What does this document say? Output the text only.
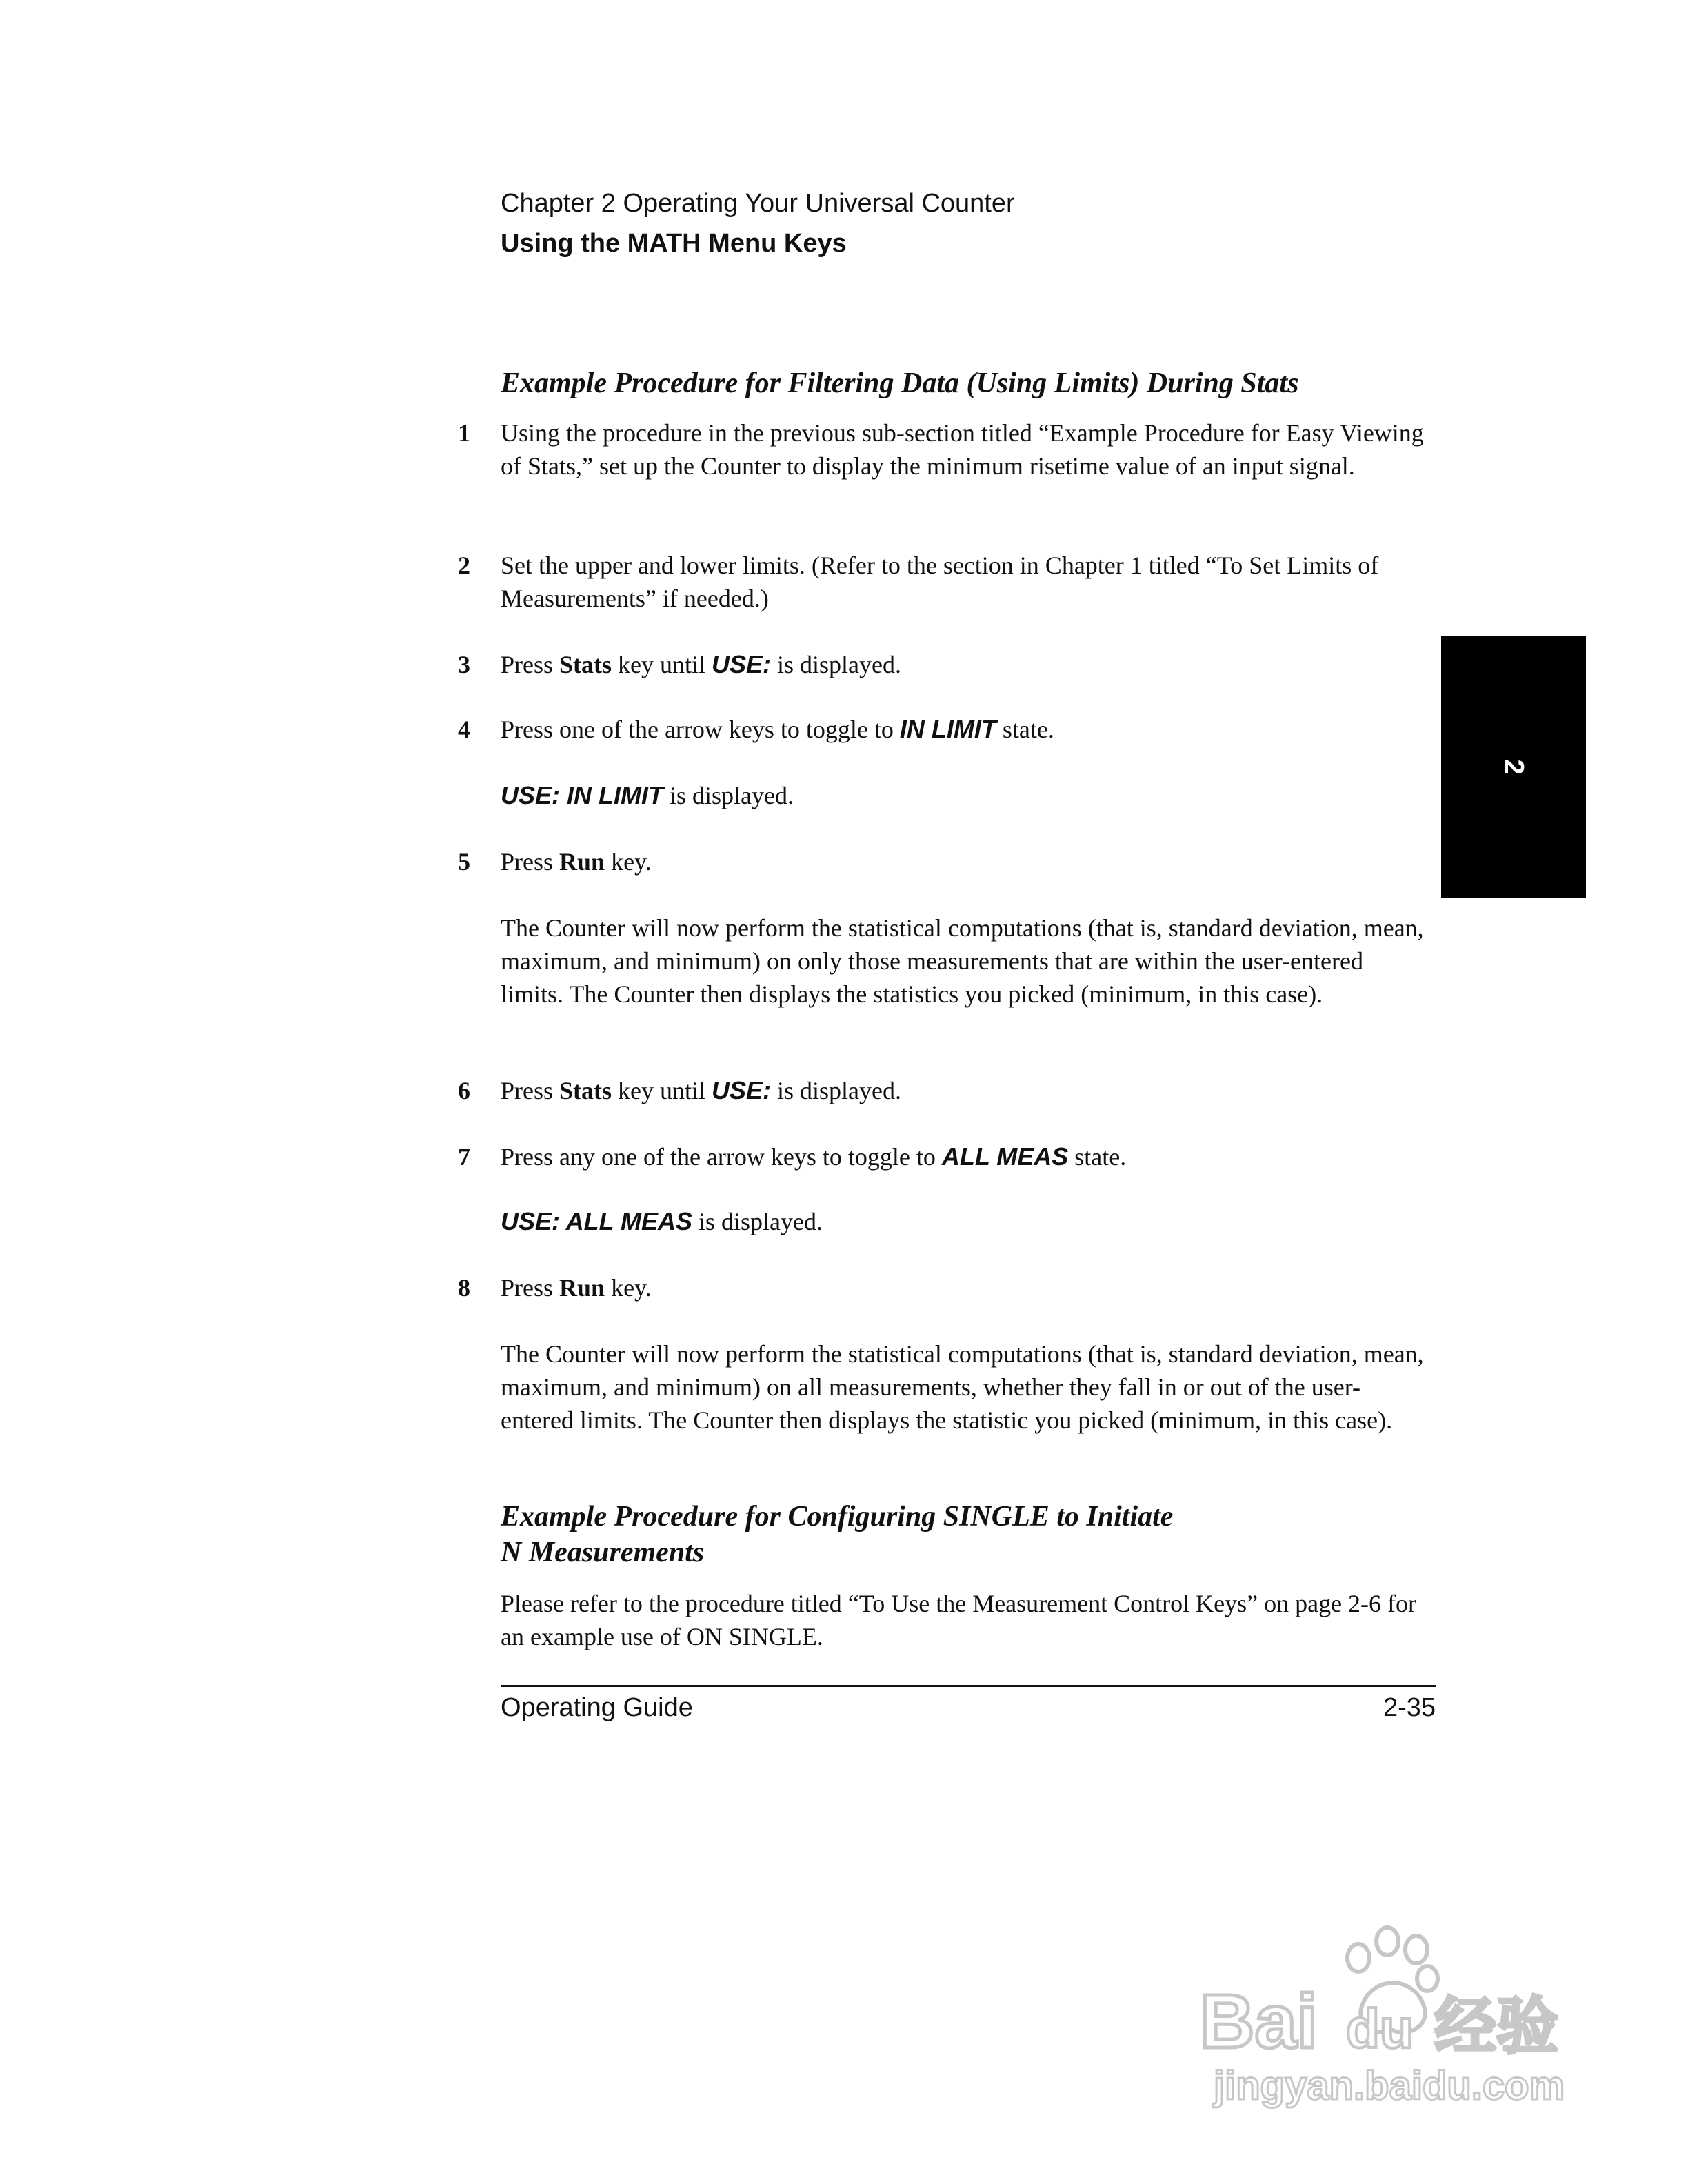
Chapter 2 Operating Your Universal Counter
Using the MATH Menu Keys
Example Procedure for Filtering Data (Using Limits) During Stats
1 Using the procedure in the previous sub-section titled “Example Procedure for Easy Viewing of Stats,” set up the Counter to display the minimum risetime value of an input signal.
2 Set the upper and lower limits. (Refer to the section in Chapter 1 titled “To Set Limits of Measurements” if needed.)
3 Press Stats key until USE: is displayed.
4 Press one of the arrow keys to toggle to IN LIMIT state.
USE: IN LIMIT is displayed.
5 Press Run key.
The Counter will now perform the statistical computations (that is, standard deviation, mean, maximum, and minimum) on only those measurements that are within the user-entered limits. The Counter then displays the statistics you picked (minimum, in this case).
6 Press Stats key until USE: is displayed.
7 Press any one of the arrow keys to toggle to ALL MEAS state.
USE: ALL MEAS is displayed.
8 Press Run key.
The Counter will now perform the statistical computations (that is, standard deviation, mean, maximum, and minimum) on all measurements, whether they fall in or out of the user-entered limits. The Counter then displays the statistic you picked (minimum, in this case).
Example Procedure for Configuring SINGLE to Initiate
N Measurements
Please refer to the procedure titled “To Use the Measurement Control Keys” on page 2-6 for an example use of ON SINGLE.
Operating Guide	2-35
2
Bai du 经验
jingyan.baidu.com
